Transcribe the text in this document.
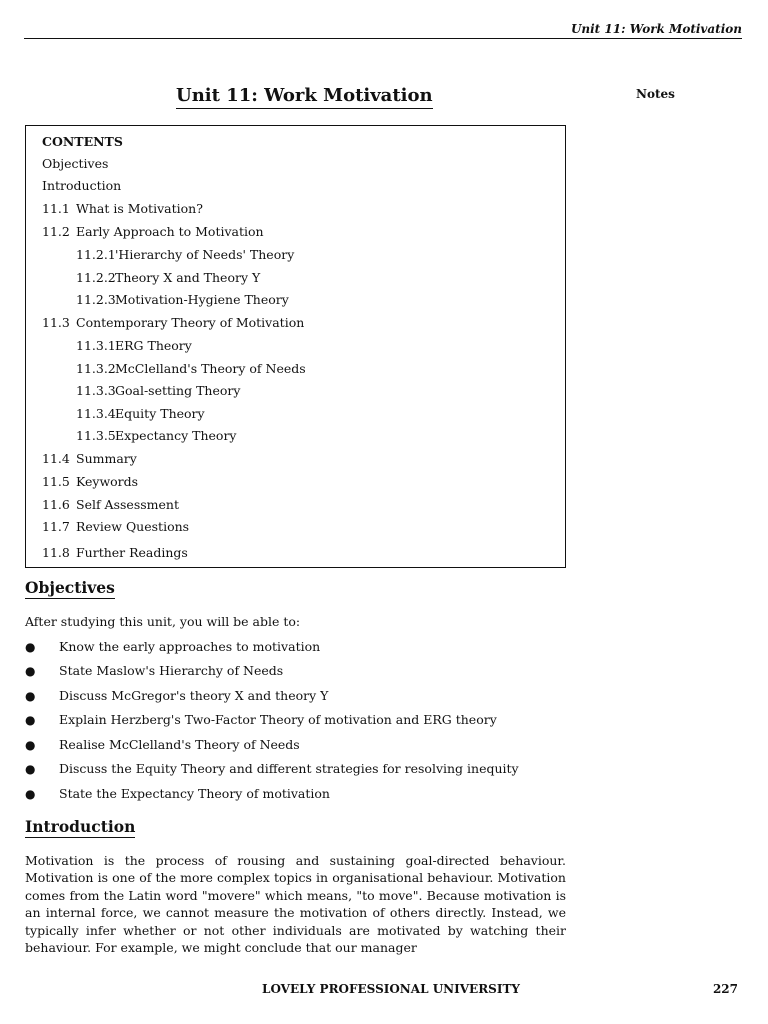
Unit 11: Work Motivation
Notes
Unit 11: Work Motivation
CONTENTS
Objectives
Introduction
11.1 What is Motivation?
11.2 Early Approach to Motivation
11.2.1'Hierarchy of Needs' Theory
11.2.2Theory X and Theory Y
11.2.3Motivation-Hygiene Theory
11.3 Contemporary Theory of Motivation
11.3.1ERG Theory
11.3.2McClelland's Theory of Needs
11.3.3Goal-setting Theory
11.3.4Equity Theory
11.3.5Expectancy Theory
11.4 Summary
11.5 Keywords
11.6 Self Assessment
11.7 Review Questions
11.8 Further Readings
Objectives
After studying this unit, you will be able to:
● Know the early approaches to motivation
● State Maslow's Hierarchy of Needs
● Discuss McGregor's theory X and theory Y
● Explain Herzberg's Two-Factor Theory of motivation and ERG theory
● Realise McClelland's Theory of Needs
● Discuss the Equity Theory and different strategies for resolving inequity
● State the Expectancy Theory of motivation
Introduction
Motivation is the process of rousing and sustaining goal-directed behaviour. Motivation is one of the more complex topics in organisational behaviour. Motivation comes from the Latin word "movere" which means, "to move". Because motivation is an internal force, we cannot measure the motivation of others directly. Instead, we typically infer whether or not other individuals are motivated by watching their behaviour. For example, we might conclude that our manager
LOVELY PROFESSIONAL UNIVERSITY	227
